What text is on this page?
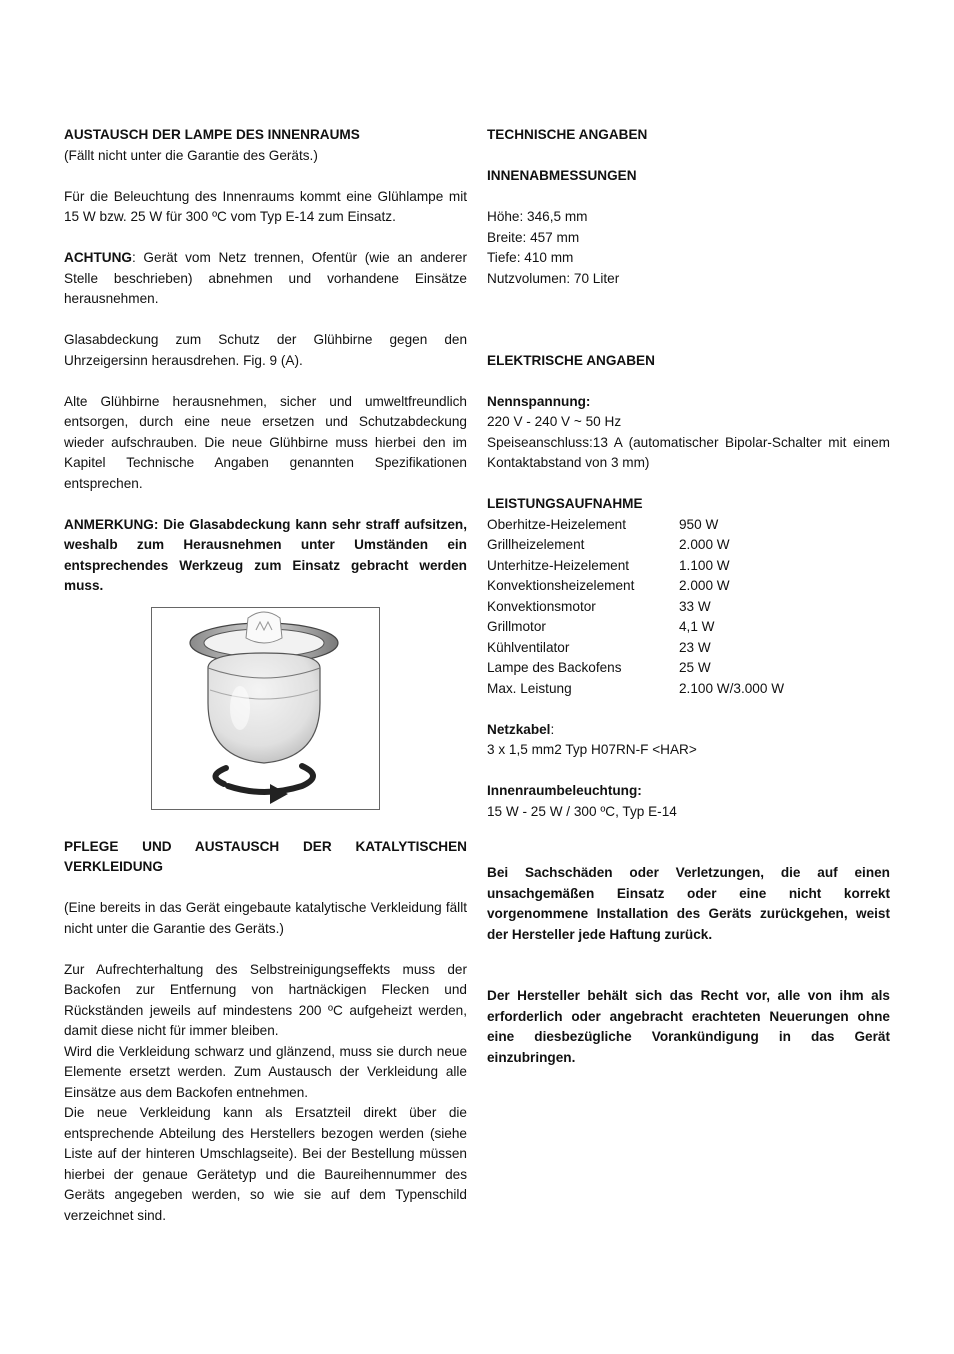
AUSTAUSCH DER LAMPE DES INNENRAUMS

(Fällt nicht unter die Garantie des Geräts.)

Für die Beleuchtung des Innenraums kommt eine Glühlampe mit 15 W bzw. 25 W für 300 ºC vom Typ E-14 zum Einsatz.

ACHTUNG: Gerät vom Netz trennen, Ofentür (wie an anderer Stelle beschrieben) abnehmen und vorhandene Einsätze herausnehmen.

Glasabdeckung zum Schutz der Glühbirne gegen den Uhrzeigersinn herausdrehen. Fig. 9 (A).

Alte Glühbirne herausnehmen, sicher und umweltfreundlich entsorgen, durch eine neue ersetzen und Schutzabdeckung wieder aufschrauben. Die neue Glühbirne muss hierbei den im Kapitel Technische Angaben genannten Spezifikationen entsprechen.

ANMERKUNG: Die Glasabdeckung kann sehr straff aufsitzen, weshalb zum Herausnehmen unter Umständen ein entsprechendes Werkzeug zum Einsatz gebracht werden muss.

PFLEGE UND AUSTAUSCH DER KATALYTISCHEN VERKLEIDUNG

(Eine bereits in das Gerät eingebaute katalytische Verkleidung fällt nicht unter die Garantie des Geräts.)

Zur Aufrechterhaltung des Selbstreinigungseffekts muss der Backofen zur Entfernung von hartnäckigen Flecken und Rückständen jeweils auf mindestens 200 ºC aufgeheizt werden, damit diese nicht für immer bleiben.

Wird die Verkleidung schwarz und glänzend, muss sie durch neue Elemente ersetzt werden. Zum Austausch der Verkleidung alle Einsätze aus dem Backofen entnehmen.

Die neue Verkleidung kann als Ersatzteil direkt über die entsprechende Abteilung des Herstellers bezogen werden (siehe Liste auf der hinteren Umschlagseite). Bei der Bestellung müssen hierbei der genaue Gerätetyp und die Baureihennummer des Geräts angegeben werden, so wie sie auf dem Typenschild verzeichnet sind.

TECHNISCHE ANGABEN

INNENABMESSUNGEN

Höhe: 346,5 mm

Breite: 457 mm

Tiefe: 410 mm

Nutzvolumen: 70 Liter

ELEKTRISCHE ANGABEN

Nennspannung:

220 V - 240 V ~ 50 Hz

Speiseanschluss:13 A (automatischer Bipolar-Schalter mit einem Kontaktabstand von 3 mm)

LEISTUNGSAUFNAHME

Oberhitze-Heizelement	950 W
Grillheizelement	2.000 W
Unterhitze-Heizelement	1.100 W
Konvektionsheizelement	2.000 W
Konvektionsmotor	33 W
Grillmotor	4,1 W
Kühlventilator	23 W
Lampe des Backofens	25 W
Max. Leistung	2.100 W/3.000 W

Netzkabel:

3 x 1,5 mm2 Typ H07RN-F <HAR>

Innenraumbeleuchtung:

15 W - 25 W / 300 ºC, Typ E-14

Bei Sachschäden oder Verletzungen, die auf einen unsachgemäßen Einsatz oder eine nicht korrekt vorgenommene Installation des Geräts zurückgehen, weist der Hersteller jede Haftung zurück.

Der Hersteller behält sich das Recht vor, alle von ihm als erforderlich oder angebracht erachteten Neuerungen ohne eine diesbezügliche Vorankündigung in das Gerät einzubringen.
